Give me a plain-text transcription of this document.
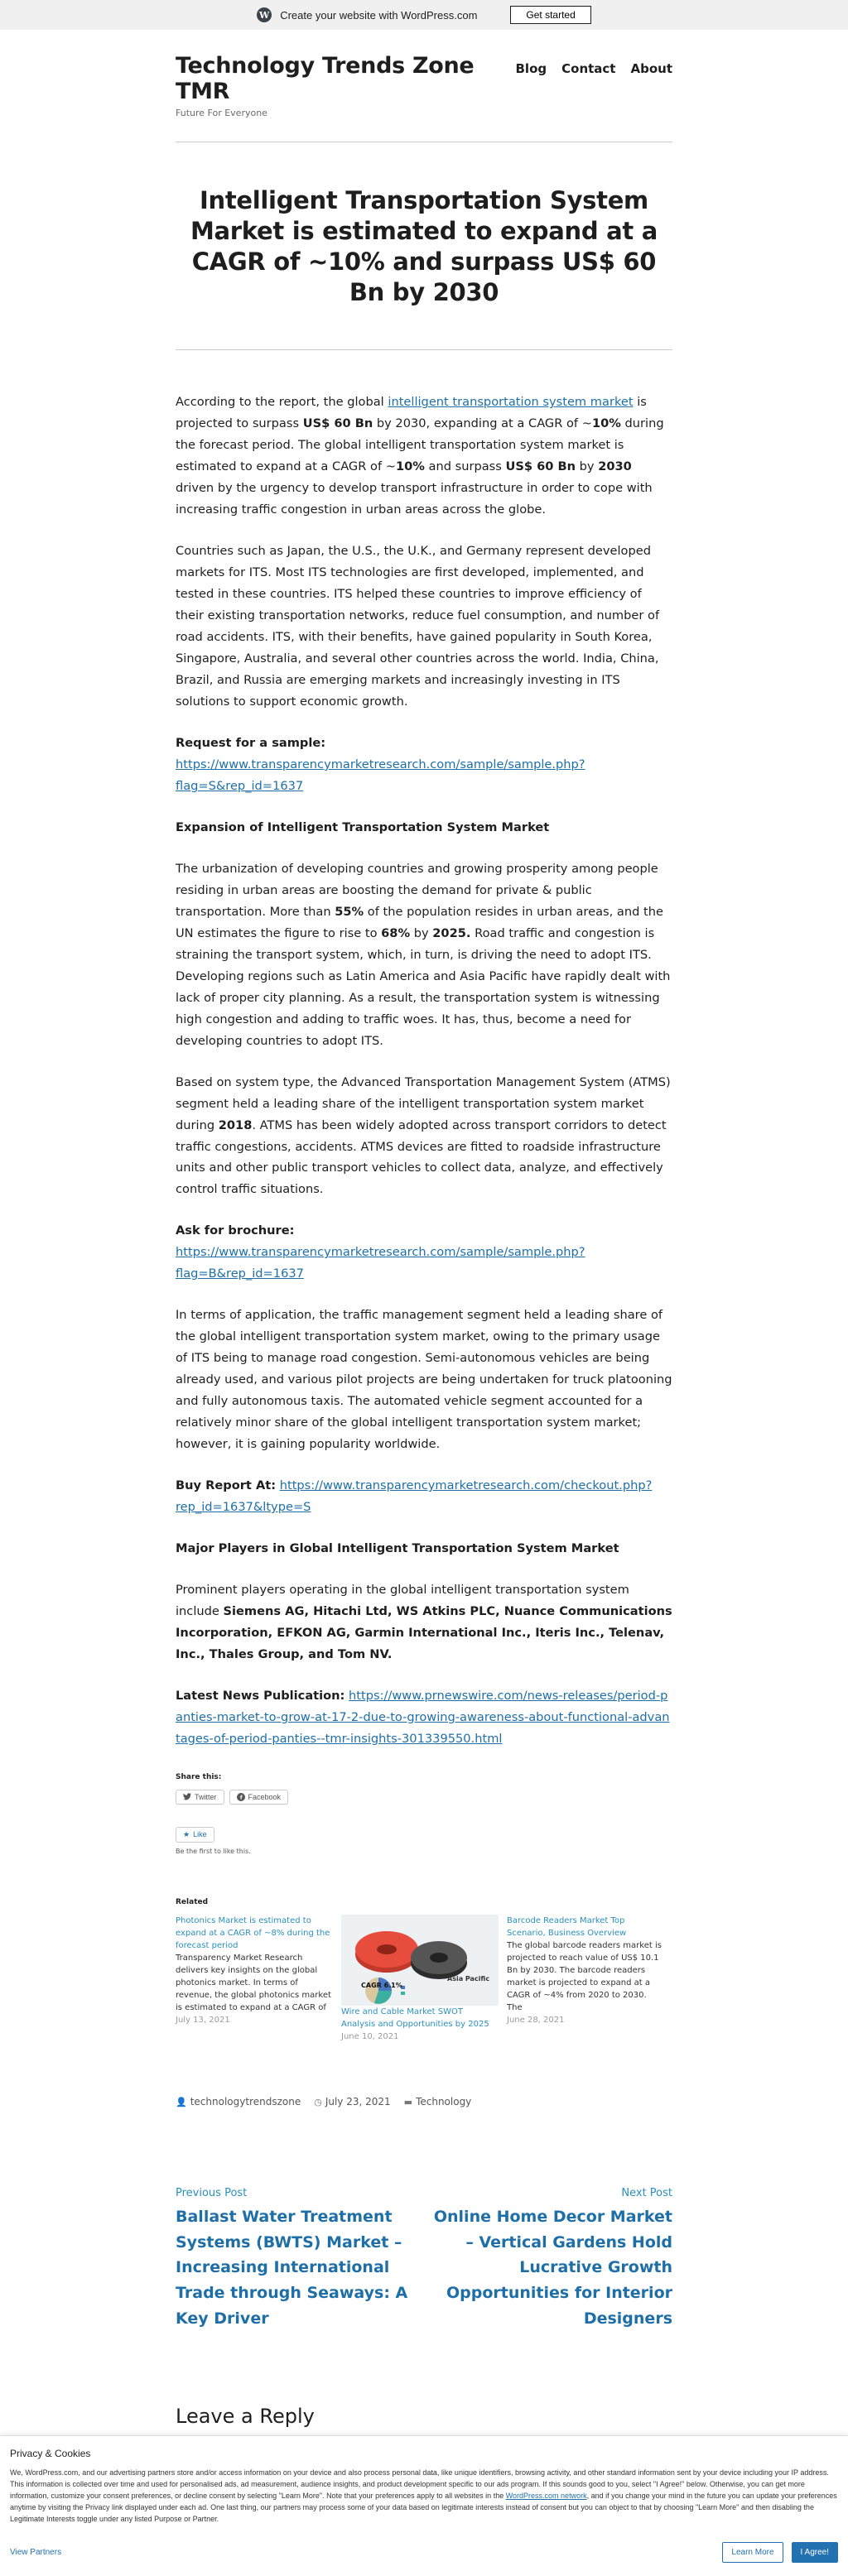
W Create your website with WordPress.com	Get started
Technology Trends Zone TMR
Future For Everyone
Blog Contact About
Intelligent Transportation System Market is estimated to expand at a CAGR of ~10% and surpass US$ 60 Bn by 2030

According to the report, the global intelligent transportation system market is projected to surpass US$ 60 Bn by 2030, expanding at a CAGR of ~10% during the forecast period. The global intelligent transportation system market is estimated to expand at a CAGR of ~10% and surpass US$ 60 Bn by 2030 driven by the urgency to develop transport infrastructure in order to cope with increasing traffic congestion in urban areas across the globe.

Countries such as Japan, the U.S., the U.K., and Germany represent developed markets for ITS. Most ITS technologies are first developed, implemented, and tested in these countries. ITS helped these countries to improve efficiency of their existing transportation networks, reduce fuel consumption, and number of road accidents. ITS, with their benefits, have gained popularity in South Korea, Singapore, Australia, and several other countries across the world. India, China, Brazil, and Russia are emerging markets and increasingly investing in ITS solutions to support economic growth.

Request for a sample:
https://www.transparencymarketresearch.com/sample/sample.php?flag=S&rep_id=1637

Expansion of Intelligent Transportation System Market

The urbanization of developing countries and growing prosperity among people residing in urban areas are boosting the demand for private & public transportation. More than 55% of the population resides in urban areas, and the UN estimates the figure to rise to 68% by 2025. Road traffic and congestion is straining the transport system, which, in turn, is driving the need to adopt ITS. Developing regions such as Latin America and Asia Pacific have rapidly dealt with lack of proper city planning. As a result, the transportation system is witnessing high congestion and adding to traffic woes. It has, thus, become a need for developing countries to adopt ITS.

Based on system type, the Advanced Transportation Management System (ATMS) segment held a leading share of the intelligent transportation system market during 2018. ATMS has been widely adopted across transport corridors to detect traffic congestions, accidents. ATMS devices are fitted to roadside infrastructure units and other public transport vehicles to collect data, analyze, and effectively control traffic situations.

Ask for brochure: https://www.transparencymarketresearch.com/sample/sample.php?flag=B&rep_id=1637

In terms of application, the traffic management segment held a leading share of the global intelligent transportation system market, owing to the primary usage of ITS being to manage road congestion. Semi-autonomous vehicles are being already used, and various pilot projects are being undertaken for truck platooning and fully autonomous taxis. The automated vehicle segment accounted for a relatively minor share of the global intelligent transportation system market; however, it is gaining popularity worldwide.

Buy Report At: https://www.transparencymarketresearch.com/checkout.php?rep_id=1637&ltype=S

Major Players in Global Intelligent Transportation System Market

Prominent players operating in the global intelligent transportation system include Siemens AG, Hitachi Ltd, WS Atkins PLC, Nuance Communications Incorporation, EFKON AG, Garmin International Inc., Iteris Inc., Telenav, Inc., Thales Group, and Tom NV.

Latest News Publication: https://www.prnewswire.com/news-releases/period-panties-market-to-grow-at-17-2-due-to-growing-awareness-about-functional-advantages-of-period-panties--tmr-insights-301339550.html

Share this:
Twitter	Facebook
★ Like
Be the first to like this.
Related
Photonics Market is estimated to expand at a CAGR of ~8% during the forecast period
Transparency Market Research delivers key insights on the global photonics market. In terms of revenue, the global photonics market is estimated to expand at a CAGR of
July 13, 2021
Asia Pacific
CAGR 6.1%
Wire and Cable Market SWOT Analysis and Opportunities by 2025
June 10, 2021
Barcode Readers Market Top Scenario, Business Overview
The global barcode readers market is projected to reach value of US$ 10.1 Bn by 2030. The barcode readers market is projected to expand at a CAGR of ~4% from 2020 to 2030. The
June 28, 2021
👤 technologytrendszone ◷ July 23, 2021 ▬ Technology
Previous Post
Ballast Water Treatment Systems (BWTS) Market – Increasing International Trade through Seaways: A Key Driver
Next Post
Online Home Decor Market – Vertical Gardens Hold Lucrative Growth Opportunities for Interior Designers
Leave a Reply
Privacy & Cookies
We, WordPress.com, and our advertising partners store and/or access information on your device and also process personal data, like unique identifiers, browsing activity, and other standard information sent by your device including your IP address. This information is collected over time and used for personalised ads, ad measurement, audience insights, and product development specific to our ads program. If this sounds good to you, select "I Agree!" below. Otherwise, you can get more information, customize your consent preferences, or decline consent by selecting "Learn More". Note that your preferences apply to all websites in the WordPress.com network, and if you change your mind in the future you can update your preferences anytime by visiting the Privacy link displayed under each ad. One last thing, our partners may process some of your data based on legitimate interests instead of consent but you can object to that by choosing "Learn More" and then disabling the Legitimate Interests toggle under any listed Purpose or Partner.
View Partners	Learn More	I Agree!
